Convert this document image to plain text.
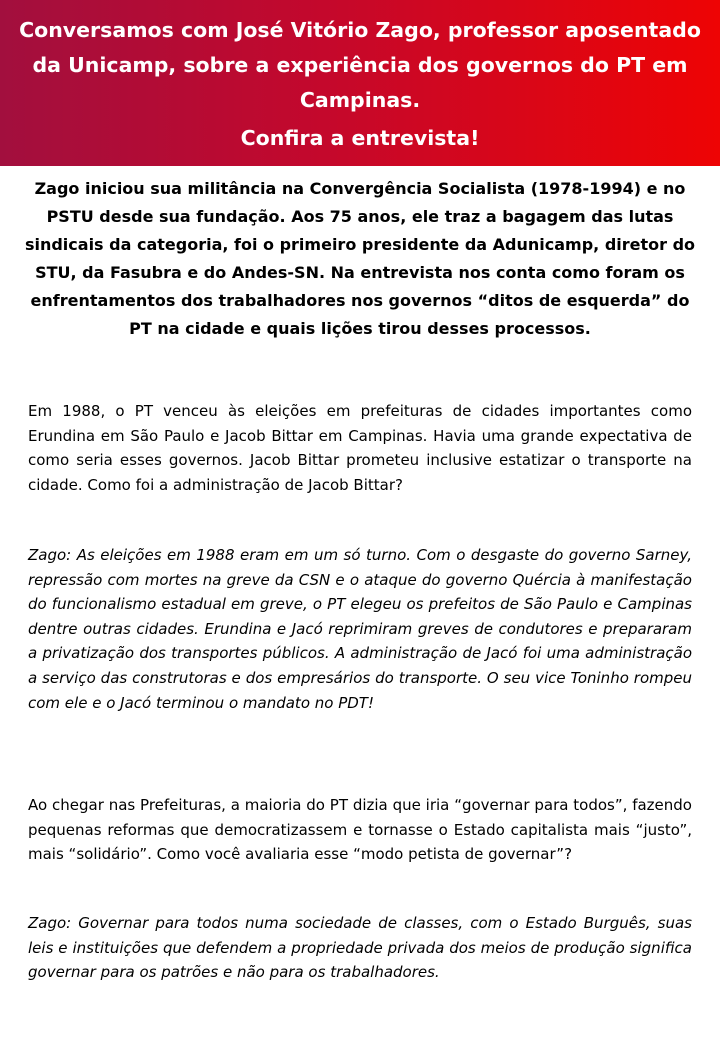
Conversamos com José Vitório Zago, professor aposentado da Unicamp, sobre a experiência dos governos do PT em Campinas.

Confira a entrevista!

Zago iniciou sua militância na Convergência Socialista (1978-1994) e no PSTU desde sua fundação. Aos 75 anos, ele traz a bagagem das lutas sindicais da categoria, foi o primeiro presidente da Adunicamp, diretor do STU, da Fasubra e do Andes-SN. Na entrevista nos conta como foram os enfrentamentos dos trabalhadores nos governos “ditos de esquerda” do PT na cidade e quais lições tirou desses processos.

Em 1988, o PT venceu às eleições em prefeituras de cidades importantes como Erundina em São Paulo e Jacob Bittar em Campinas. Havia uma grande expectativa de como seria esses governos. Jacob Bittar prometeu inclusive estatizar o transporte na cidade. Como foi a administração de Jacob Bittar?

Zago: As eleições em 1988 eram em um só turno. Com o desgaste do governo Sarney, repressão com mortes na greve da CSN e o ataque do governo Quércia à manifestação do funcionalismo estadual em greve, o PT elegeu os prefeitos de São Paulo e Campinas dentre outras cidades. Erundina e Jacó reprimiram greves de condutores e prepararam a privatização dos transportes públicos. A administração de Jacó foi uma administração a serviço das construtoras e dos empresários do transporte. O seu vice Toninho rompeu com ele e o Jacó terminou o mandato no PDT!

Ao chegar nas Prefeituras, a maioria do PT dizia que iria “governar para todos”, fazendo pequenas reformas que democratizassem e tornasse o Estado capitalista mais “justo”, mais “solidário”. Como você avaliaria esse “modo petista de governar”?

Zago: Governar para todos numa sociedade de classes, com o Estado Burguês, suas leis e instituições que defendem a propriedade privada dos meios de produção significa governar para os patrões e não para os trabalhadores.
